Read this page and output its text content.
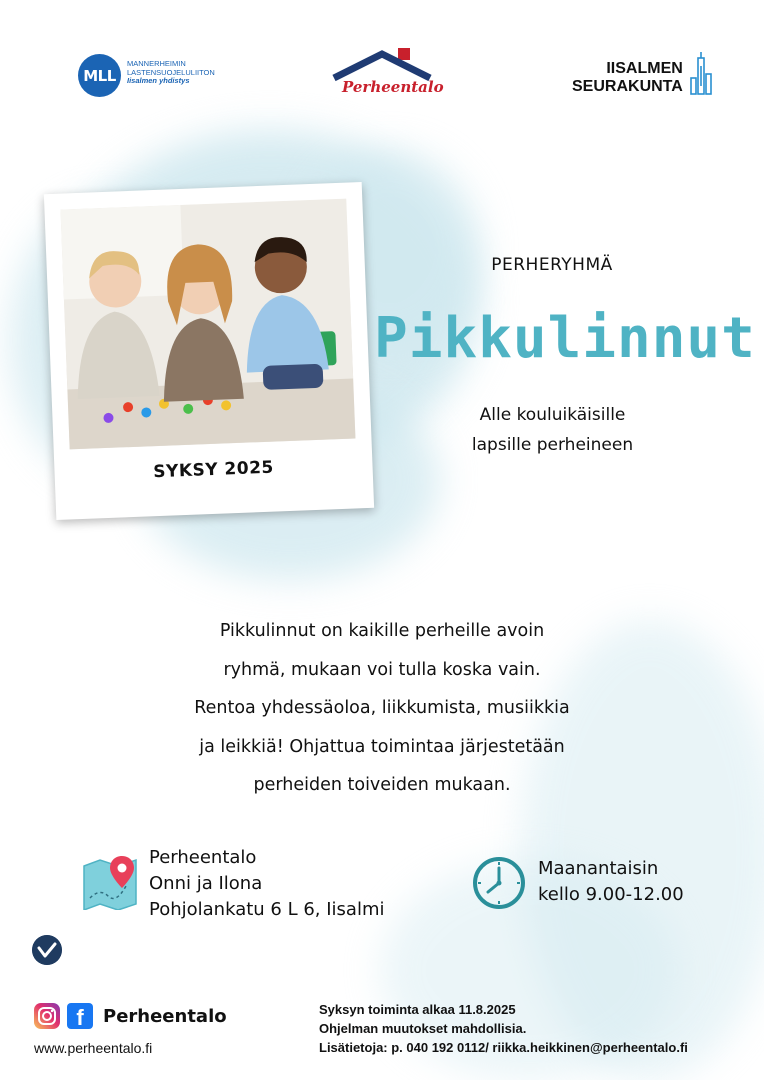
MLL
MANNERHEIMIN
LASTENSUOJELULIITON
Iisalmen yhdistys	Perheentalo
IISALMEN
SEURAKUNTA
SYKSY 2025
PERHERYHMÄ
Pikkulinnut
Alle kouluikäisille
lapsille perheineen
Pikkulinnut on kaikille perheille avoin
ryhmä, mukaan voi tulla koska vain.
Rentoa yhdessäoloa, liikkumista, musiikkia
ja leikkiä! Ohjattua toimintaa järjestetään
perheiden toiveiden mukaan.
Perheentalo
Onni ja Ilona
Pohjolankatu 6 L 6, Iisalmi
Maanantaisin
kello 9.00-12.00
f	Perheentalo
www.perheentalo.fi
Syksyn toiminta alkaa 11.8.2025
Ohjelman muutokset mahdollisia.
Lisätietoja: p. 040 192 0112/ riikka.heikkinen@perheentalo.fi
